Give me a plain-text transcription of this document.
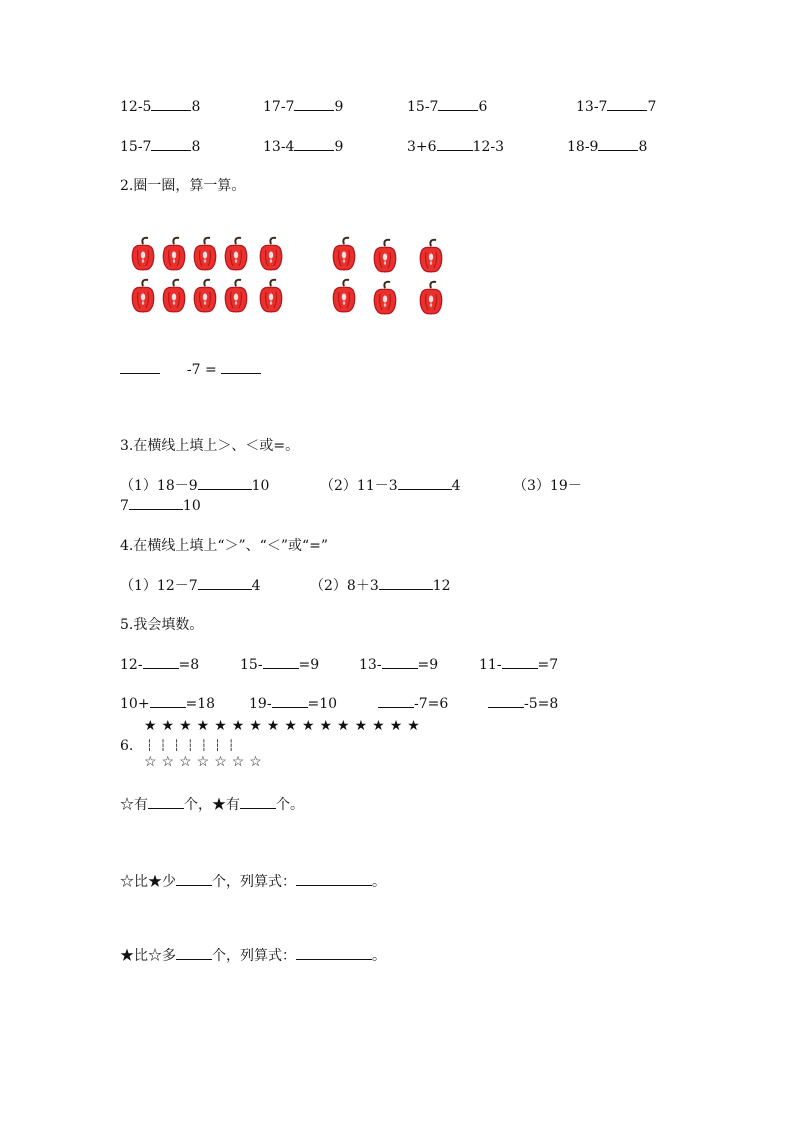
12-5	8	17-7	9	15-7	6	13-7	7
15-7	8	13-4	9	3+6	12-3	18-9	8
2.圈一圈，算一算。
-7 =
3.在横线上填上＞、＜或=。
（1）18－9	10	（2）11－3	4	（3）19－
7	10
4.在横线上填上“＞”、“＜”或“=”
（1）12－7	4	（2）8＋3	12
5.我会填数。
12-	=8	15-	=9	13-	=9	11-	=7
10+	=18 19-	=10	-7=6	-5=8
★★★★★★★★★★★★★★★★
6. ┆┆┆┆┆┆┆
☆☆☆☆☆☆☆
☆有	个，★有	个。
☆比★少	个，列算式：	。
★比☆多	个，列算式：	。
